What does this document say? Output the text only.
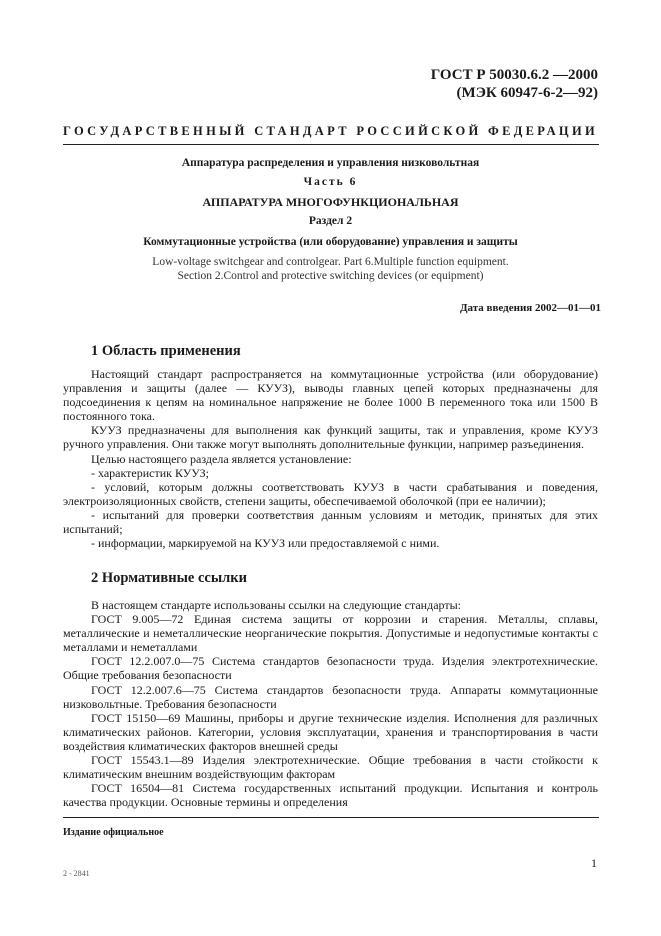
ГОСТ Р 50030.6.2 —2000
(МЭК 60947-6-2—92)
ГОСУДАРСТВЕННЫЙ СТАНДАРТ РОССИЙСКОЙ ФЕДЕРАЦИИ
Аппаратура распределения и управления низковольтная
Часть 6
АППАРАТУРА МНОГОФУНКЦИОНАЛЬНАЯ
Раздел 2
Коммутационные устройства (или оборудование) управления и защиты
Low-voltage switchgear and controlgear. Part 6.Multiple function equipment.
Section 2.Control and protective switching devices (or equipment)
Дата введения 2002—01—01
1 Область применения

Настоящий стандарт распространяется на коммутационные устройства (или оборудование) управления и защиты (далее — КУУЗ), выводы главных цепей которых предназначены для подсоединения к цепям на номинальное напряжение не более 1000 В переменного тока или 1500 В постоянного тока.

КУУЗ предназначены для выполнения как функций защиты, так и управления, кроме КУУЗ ручного управления. Они также могут выполнять дополнительные функции, например разъединения.

Целью настоящего раздела является установление:

- характеристик КУУЗ;

- условий, которым должны соответствовать КУУЗ в части срабатывания и поведения, электроизоляционных свойств, степени защиты, обеспечиваемой оболочкой (при ее наличии);

- испытаний для проверки соответствия данным условиям и методик, принятых для этих испытаний;

- информации, маркируемой на КУУЗ или предоставляемой с ними.

2 Нормативные ссылки

В настоящем стандарте использованы ссылки на следующие стандарты:

ГОСТ 9.005—72 Единая система защиты от коррозии и старения. Металлы, сплавы, металлические и неметаллические неорганические покрытия. Допустимые и недопустимые контакты с металлами и неметаллами

ГОСТ 12.2.007.0—75 Система стандартов безопасности труда. Изделия электротехнические. Общие требования безопасности

ГОСТ 12.2.007.6—75 Система стандартов безопасности труда. Аппараты коммутационные низковольтные. Требования безопасности

ГОСТ 15150—69 Машины, приборы и другие технические изделия. Исполнения для различных климатических районов. Категории, условия эксплуатации, хранения и транспортирования в части воздействия климатических факторов внешней среды

ГОСТ 15543.1—89 Изделия электротехнические. Общие требования в части стойкости к климатическим внешним воздействующим факторам

ГОСТ 16504—81 Система государственных испытаний продукции. Испытания и контроль качества продукции. Основные термины и определения

Издание официальное
1
2 - 2841
